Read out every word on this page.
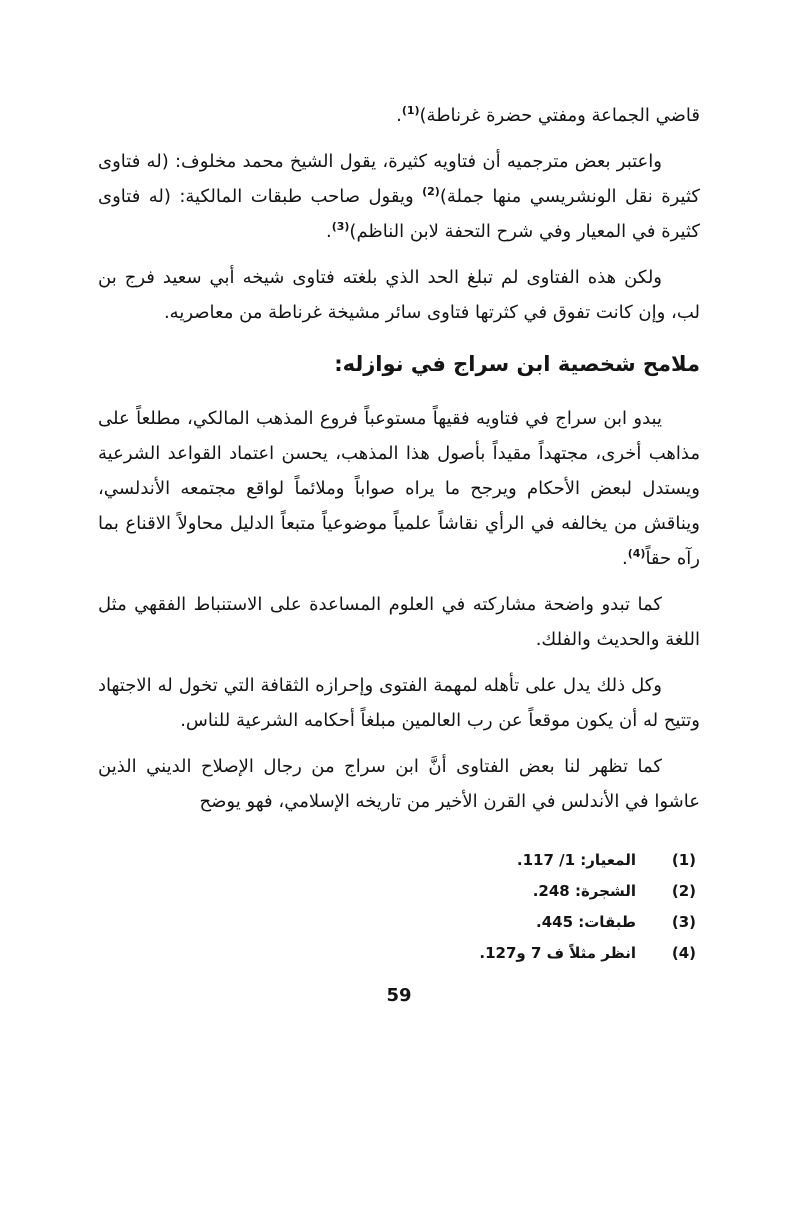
قاضي الجماعة ومفتي حضرة غرناطة)$^{(1)}$.

واعتبر بعض مترجميه أن فتاويه كثيرة، يقول الشيخ محمد مخلوف: (له فتاوى كثيرة نقل الونشريسي منها جملة)$^{(2)}$ ويقول صاحب طبقات المالكية: (له فتاوى كثيرة في المعيار وفي شرح التحفة لابن الناظم)$^{(3)}$.

ولكن هذه الفتاوى لم تبلغ الحد الذي بلغته فتاوى شيخه أبي سعيد فرج بن لب، وإن كانت تفوق في كثرتها فتاوى سائر مشيخة غرناطة من معاصريه.

ملامح شخصية ابن سراج في نوازله:

يبدو ابن سراج في فتاويه فقيهاً مستوعباً فروع المذهب المالكي، مطلعاً على مذاهب أخرى، مجتهداً مقيداً بأصول هذا المذهب، يحسن اعتماد القواعد الشرعية ويستدل لبعض الأحكام ويرجح ما يراه صواباً وملائماً لواقع مجتمعه الأندلسي، ويناقش من يخالفه في الرأي نقاشاً علمياً موضوعياً متبعاً الدليل محاولاً الاقناع بما رآه حقاً$^{(4)}$.

كما تبدو واضحة مشاركته في العلوم المساعدة على الاستنباط الفقهي مثل اللغة والحديث والفلك.

وكل ذلك يدل على تأهله لمهمة الفتوى وإحرازه الثقافة التي تخول له الاجتهاد وتتيح له أن يكون موقعاً عن رب العالمين مبلغاً أحكامه الشرعية للناس.

كما تظهر لنا بعض الفتاوى أنَّ ابن سراج من رجال الإصلاح الديني الذين عاشوا في الأندلس في القرن الأخير من تاريخه الإسلامي، فهو يوضح

(1)
المعيار: 1/ 117.
(2)
الشجرة: 248.
(3)
طبقات: 445.
(4)
انظر مثلاً ف 7 و127.
59
